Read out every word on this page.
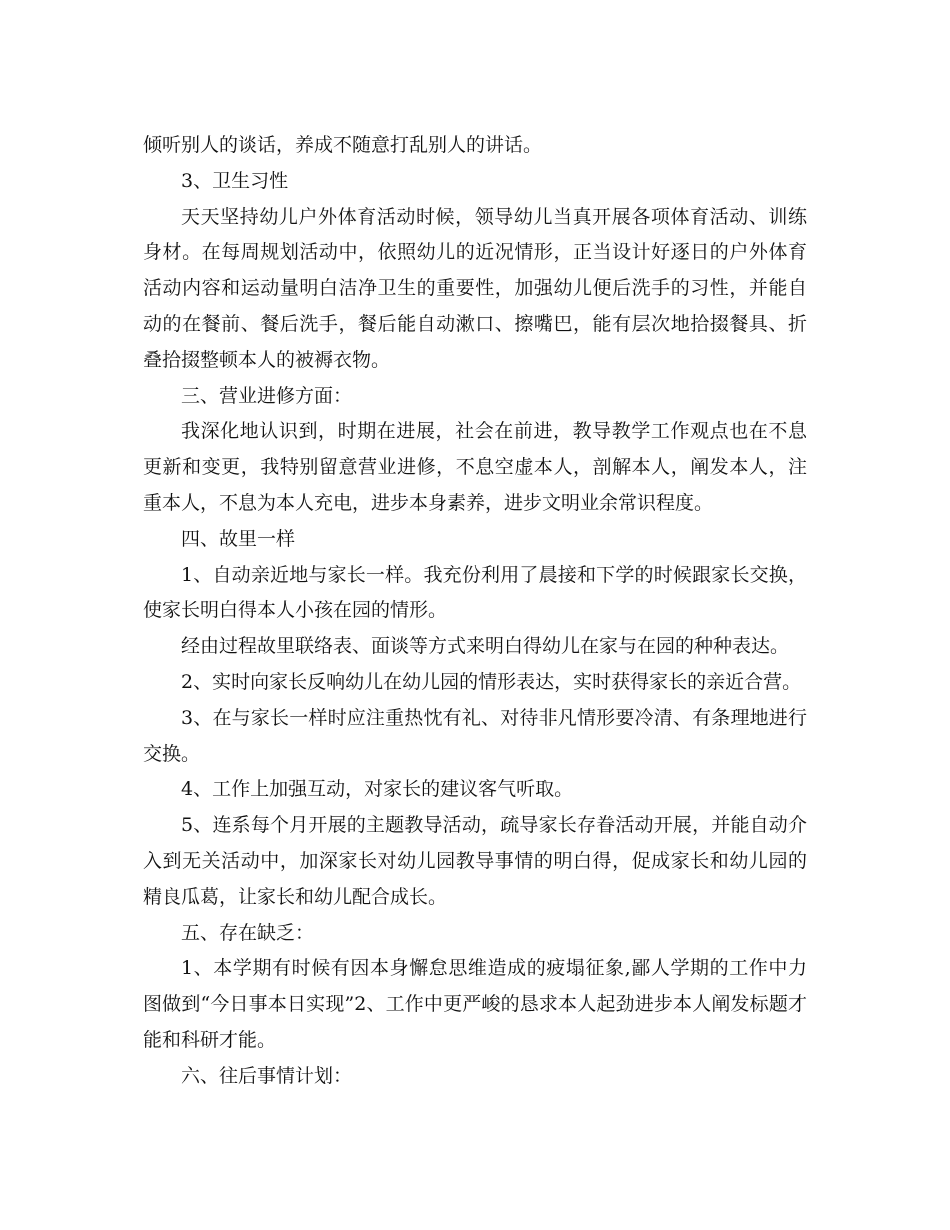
倾听别人的谈话，养成不随意打乱别人的讲话。

3、卫生习性

天天坚持幼儿户外体育活动时候，领导幼儿当真开展各项体育活动、训练身材。在每周规划活动中，依照幼儿的近况情形，正当设计好逐日的户外体育活动内容和运动量明白洁净卫生的重要性，加强幼儿便后洗手的习性，并能自动的在餐前、餐后洗手，餐后能自动漱口、擦嘴巴，能有层次地拾掇餐具、折叠拾掇整顿本人的被褥衣物。

三、营业进修方面：

我深化地认识到，时期在进展，社会在前进，教导教学工作观点也在不息更新和变更，我特别留意营业进修，不息空虚本人，剖解本人，阐发本人，注重本人，不息为本人充电，进步本身素养，进步文明业余常识程度。

四、故里一样

1、自动亲近地与家长一样。我充份利用了晨接和下学的时候跟家长交换，使家长明白得本人小孩在园的情形。

经由过程故里联络表、面谈等方式来明白得幼儿在家与在园的种种表达。

2、实时向家长反响幼儿在幼儿园的情形表达，实时获得家长的亲近合营。

3、在与家长一样时应注重热忱有礼、对待非凡情形要冷清、有条理地进行交换。

4、工作上加强互动，对家长的建议客气听取。

5、连系每个月开展的主题教导活动，疏导家长存眷活动开展，并能自动介入到无关活动中，加深家长对幼儿园教导事情的明白得，促成家长和幼儿园的精良瓜葛，让家长和幼儿配合成长。

五、存在缺乏：

1、本学期有时候有因本身懈怠思维造成的疲塌征象,鄙人学期的工作中力图做到“今日事本日实现”2、工作中更严峻的恳求本人起劲进步本人阐发标题才能和科研才能。

六、往后事情计划：
